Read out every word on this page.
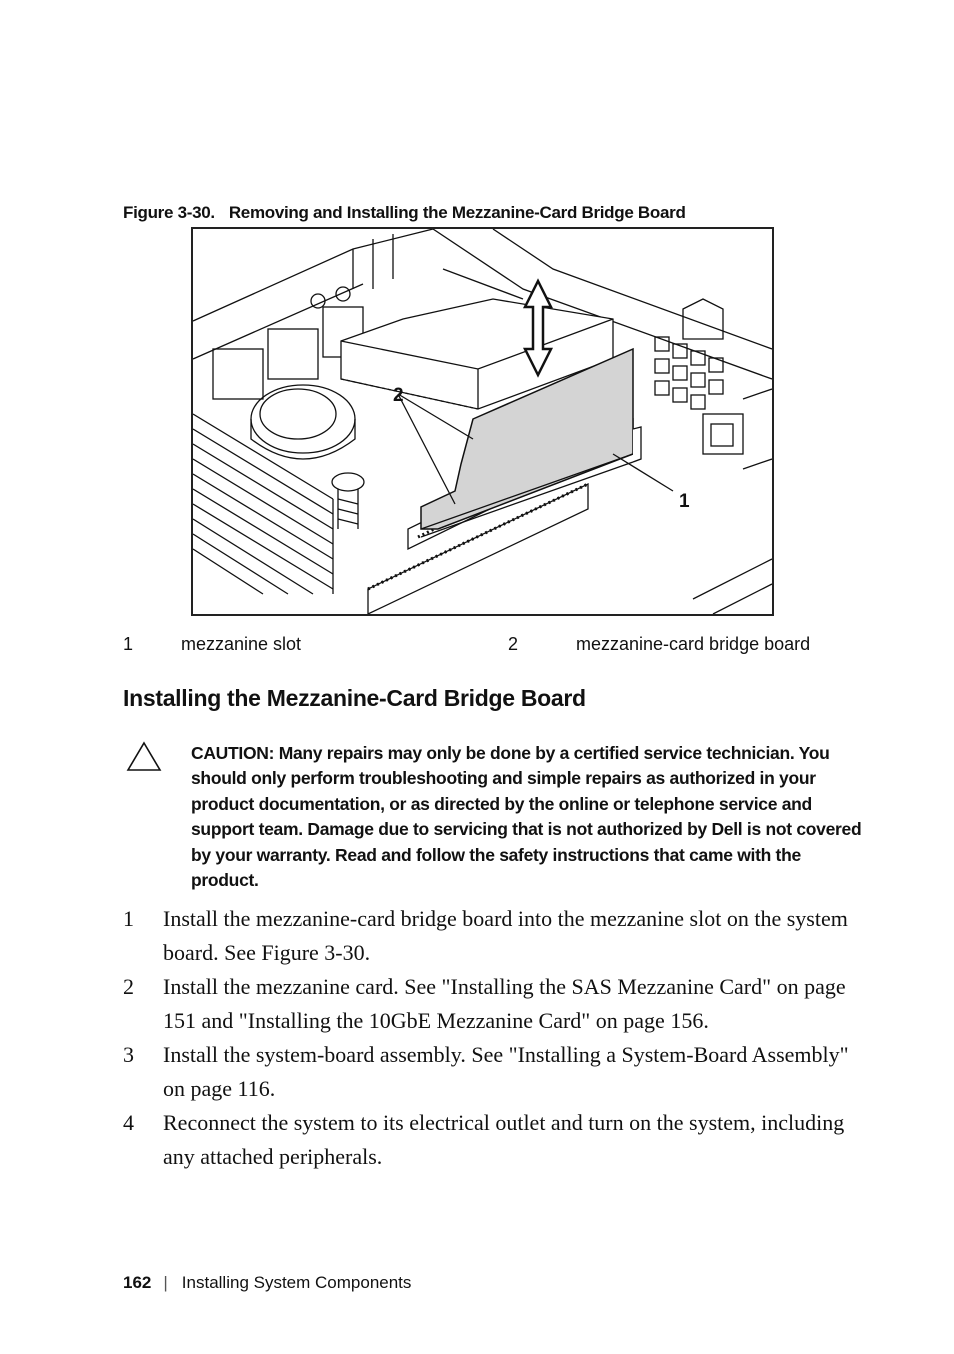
Figure 3-30. Removing and Installing the Mezzanine-Card Bridge Board
2
1
1	mezzanine slot	2	mezzanine-card bridge board
Installing the Mezzanine-Card Bridge Board
CAUTION: Many repairs may only be done by a certified service technician. You should only perform troubleshooting and simple repairs as authorized in your product documentation, or as directed by the online or telephone service and support team. Damage due to servicing that is not authorized by Dell is not covered by your warranty. Read and follow the safety instructions that came with the product.

1 Install the mezzanine-card bridge board into the mezzanine slot on the system board. See Figure 3-30.

2 Install the mezzanine card. See "Installing the SAS Mezzanine Card" on page 151 and "Installing the 10GbE Mezzanine Card" on page 156.

3 Install the system-board assembly. See "Installing a System-Board Assembly" on page 116.

4 Reconnect the system to its electrical outlet and turn on the system, including any attached peripherals.

162 | Installing System Components
